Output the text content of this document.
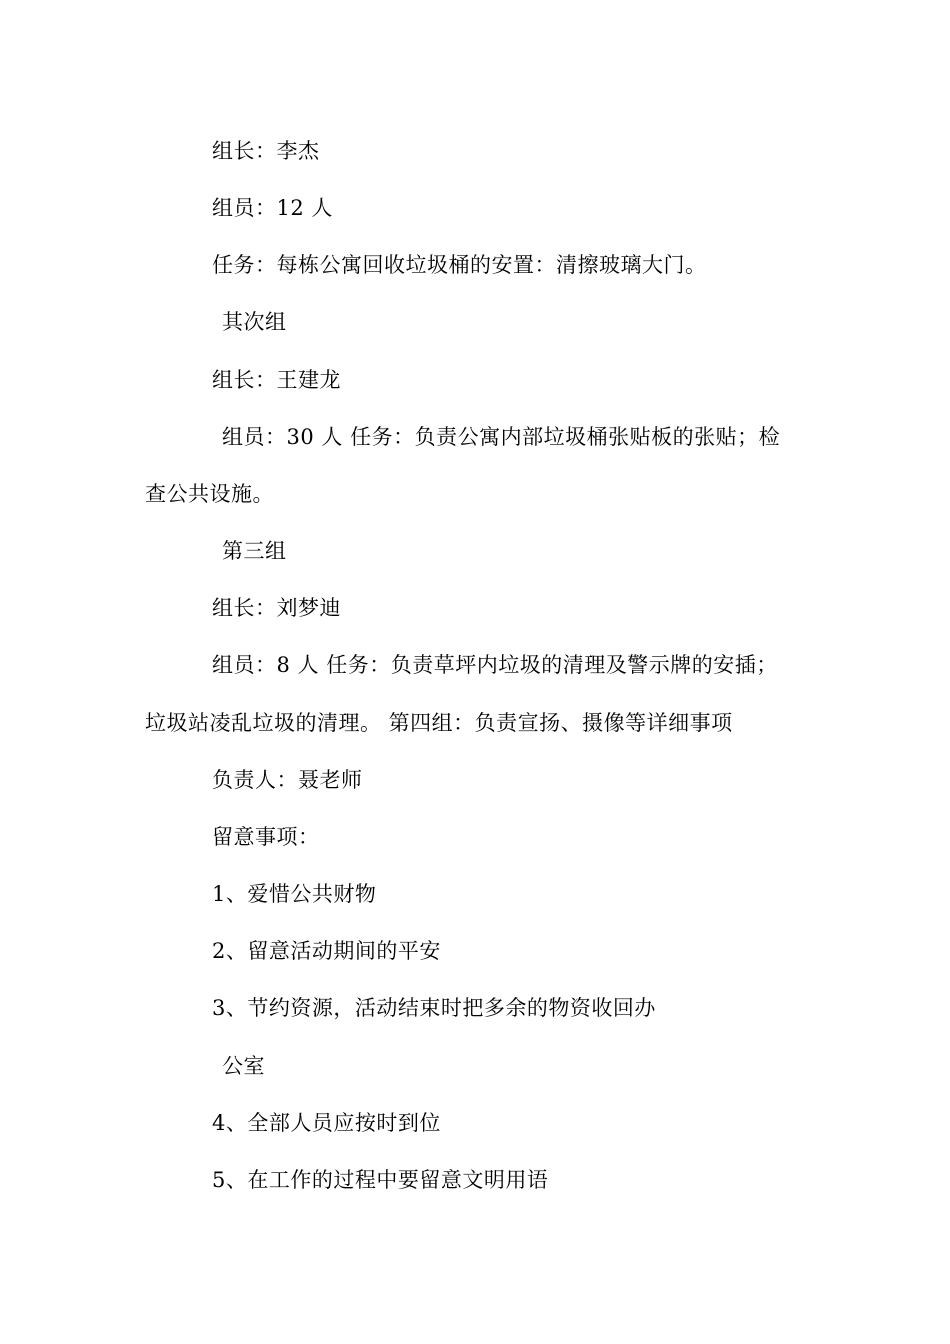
组长：李杰
组员：12 人
任务：每栋公寓回收垃圾桶的安置：清擦玻璃大门。
其次组
组长：王建龙
组员：30 人 任务：负责公寓内部垃圾桶张贴板的张贴；检
查公共设施。
第三组
组长：刘梦迪
组员：8 人 任务：负责草坪内垃圾的清理及警示牌的安插；
垃圾站凌乱垃圾的清理。 第四组：负责宣扬、摄像等详细事项
负责人：聂老师
留意事项：
1、爱惜公共财物
2、留意活动期间的平安
3、节约资源，活动结束时把多余的物资收回办
公室
4、全部人员应按时到位
5、在工作的过程中要留意文明用语
